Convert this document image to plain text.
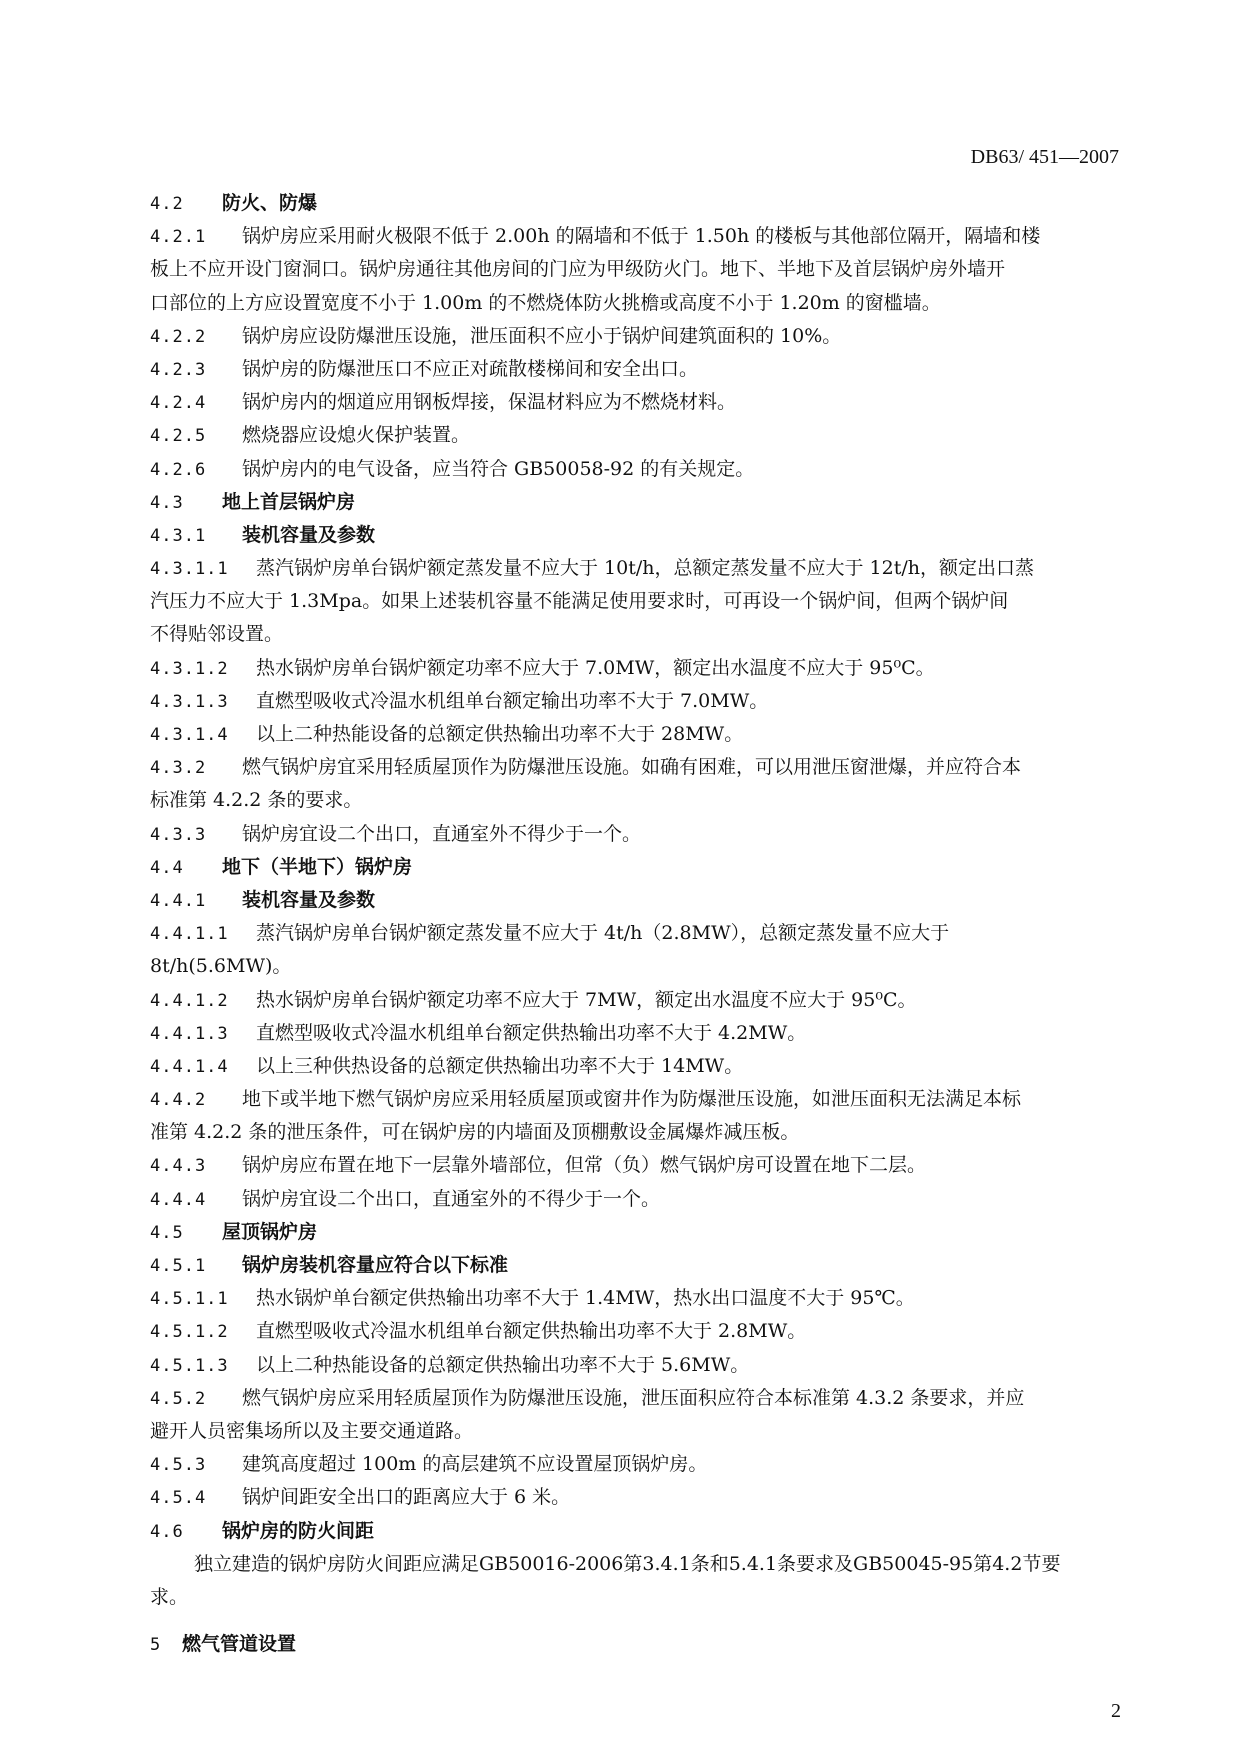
DB63/ 451—2007
4.2 防火、防爆
4.2.1 锅炉房应采用耐火极限不低于 2.00h 的隔墙和不低于 1.50h 的楼板与其他部位隔开，隔墙和楼
板上不应开设门窗洞口。锅炉房通往其他房间的门应为甲级防火门。地下、半地下及首层锅炉房外墙开
口部位的上方应设置宽度不小于 1.00m 的不燃烧体防火挑檐或高度不小于 1.20m 的窗槛墙。
4.2.2 锅炉房应设防爆泄压设施，泄压面积不应小于锅炉间建筑面积的 10%。
4.2.3 锅炉房的防爆泄压口不应正对疏散楼梯间和安全出口。
4.2.4 锅炉房内的烟道应用钢板焊接，保温材料应为不燃烧材料。
4.2.5 燃烧器应设熄火保护装置。
4.2.6 锅炉房内的电气设备，应当符合 GB50058-92 的有关规定。
4.3 地上首层锅炉房
4.3.1 装机容量及参数
4.3.1.1 蒸汽锅炉房单台锅炉额定蒸发量不应大于 10t/h，总额定蒸发量不应大于 12t/h，额定出口蒸
汽压力不应大于 1.3Mpa。如果上述装机容量不能满足使用要求时，可再设一个锅炉间，但两个锅炉间
不得贴邻设置。
4.3.1.2 热水锅炉房单台锅炉额定功率不应大于 7.0MW，额定出水温度不应大于 95⁰C。
4.3.1.3 直燃型吸收式冷温水机组单台额定输出功率不大于 7.0MW。
4.3.1.4 以上二种热能设备的总额定供热输出功率不大于 28MW。
4.3.2 燃气锅炉房宜采用轻质屋顶作为防爆泄压设施。如确有困难，可以用泄压窗泄爆，并应符合本
标准第 4.2.2 条的要求。
4.3.3 锅炉房宜设二个出口，直通室外不得少于一个。
4.4 地下（半地下）锅炉房
4.4.1 装机容量及参数
4.4.1.1 蒸汽锅炉房单台锅炉额定蒸发量不应大于 4t/h（2.8MW），总额定蒸发量不应大于
8t/h(5.6MW)。
4.4.1.2 热水锅炉房单台锅炉额定功率不应大于 7MW，额定出水温度不应大于 95⁰C。
4.4.1.3 直燃型吸收式冷温水机组单台额定供热输出功率不大于 4.2MW。
4.4.1.4 以上三种供热设备的总额定供热输出功率不大于 14MW。
4.4.2 地下或半地下燃气锅炉房应采用轻质屋顶或窗井作为防爆泄压设施，如泄压面积无法满足本标
准第 4.2.2 条的泄压条件，可在锅炉房的内墙面及顶棚敷设金属爆炸减压板。
4.4.3 锅炉房应布置在地下一层靠外墙部位，但常（负）燃气锅炉房可设置在地下二层。
4.4.4 锅炉房宜设二个出口，直通室外的不得少于一个。
4.5 屋顶锅炉房
4.5.1 锅炉房装机容量应符合以下标准
4.5.1.1 热水锅炉单台额定供热输出功率不大于 1.4MW，热水出口温度不大于 95℃。
4.5.1.2 直燃型吸收式冷温水机组单台额定供热输出功率不大于 2.8MW。
4.5.1.3 以上二种热能设备的总额定供热输出功率不大于 5.6MW。
4.5.2 燃气锅炉房应采用轻质屋顶作为防爆泄压设施，泄压面积应符合本标准第 4.3.2 条要求，并应
避开人员密集场所以及主要交通道路。
4.5.3 建筑高度超过 100m 的高层建筑不应设置屋顶锅炉房。
4.5.4 锅炉间距安全出口的距离应大于 6 米。
4.6 锅炉房的防火间距
独立建造的锅炉房防火间距应满足GB50016-2006第3.4.1条和5.4.1条要求及GB50045-95第4.2节要
求。
5 燃气管道设置
2
